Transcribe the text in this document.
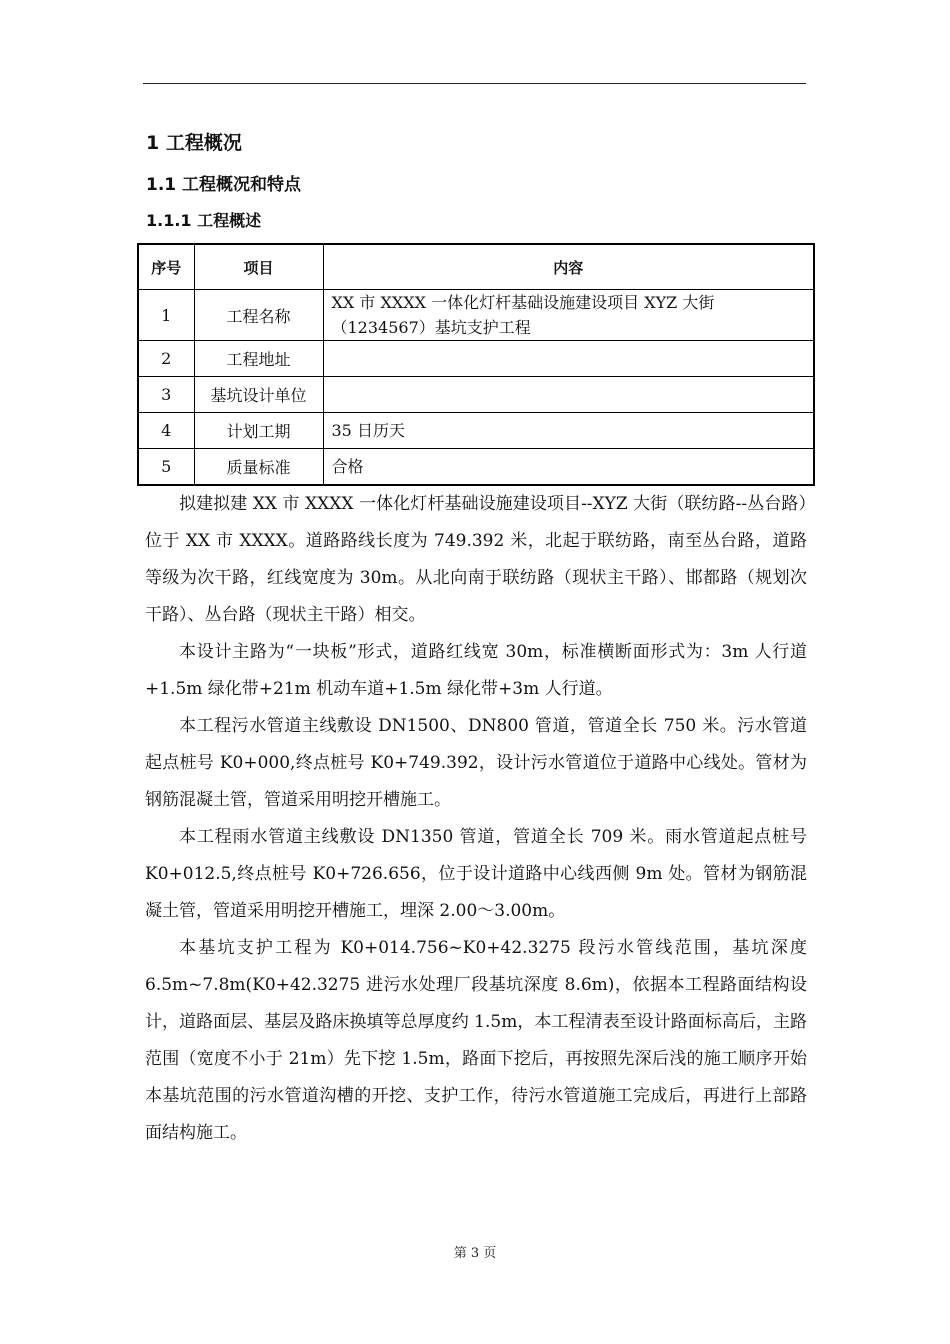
1 工程概况
1.1 工程概况和特点
1.1.1 工程概述
序号	项目	内容
1	工程名称	XX 市 XXXX 一体化灯杆基础设施建设项目 XYZ 大街（1234567）基坑支护工程
2	工程地址	
3	基坑设计单位	
4	计划工期	35 日历天
5	质量标准	合格

拟建拟建 XX 市 XXXX 一体化灯杆基础设施建设项目--XYZ 大街（联纺路--丛台路）位于 XX 市 XXXX。道路路线长度为 749.392 米，北起于联纺路，南至丛台路，道路等级为次干路，红线宽度为 30m。从北向南于联纺路（现状主干路）、邯都路（规划次干路）、丛台路（现状主干路）相交。

本设计主路为“一块板”形式，道路红线宽 30m，标准横断面形式为：3m 人行道+1.5m 绿化带+21m 机动车道+1.5m 绿化带+3m 人行道。

本工程污水管道主线敷设 DN1500、DN800 管道，管道全长 750 米。污水管道起点桩号 K0+000,终点桩号 K0+749.392，设计污水管道位于道路中心线处。管材为钢筋混凝土管，管道采用明挖开槽施工。

本工程雨水管道主线敷设 DN1350 管道，管道全长 709 米。雨水管道起点桩号 K0+012.5,终点桩号 K0+726.656，位于设计道路中心线西侧 9m 处。管材为钢筋混凝土管，管道采用明挖开槽施工，埋深 2.00～3.00m。

本基坑支护工程为 K0+014.756~K0+42.3275 段污水管线范围，基坑深度 6.5m~7.8m(K0+42.3275 进污水处理厂段基坑深度 8.6m)，依据本工程路面结构设计，道路面层、基层及路床换填等总厚度约 1.5m，本工程清表至设计路面标高后，主路范围（宽度不小于 21m）先下挖 1.5m，路面下挖后，再按照先深后浅的施工顺序开始本基坑范围的污水管道沟槽的开挖、支护工作，待污水管道施工完成后，再进行上部路面结构施工。

第 3 页
